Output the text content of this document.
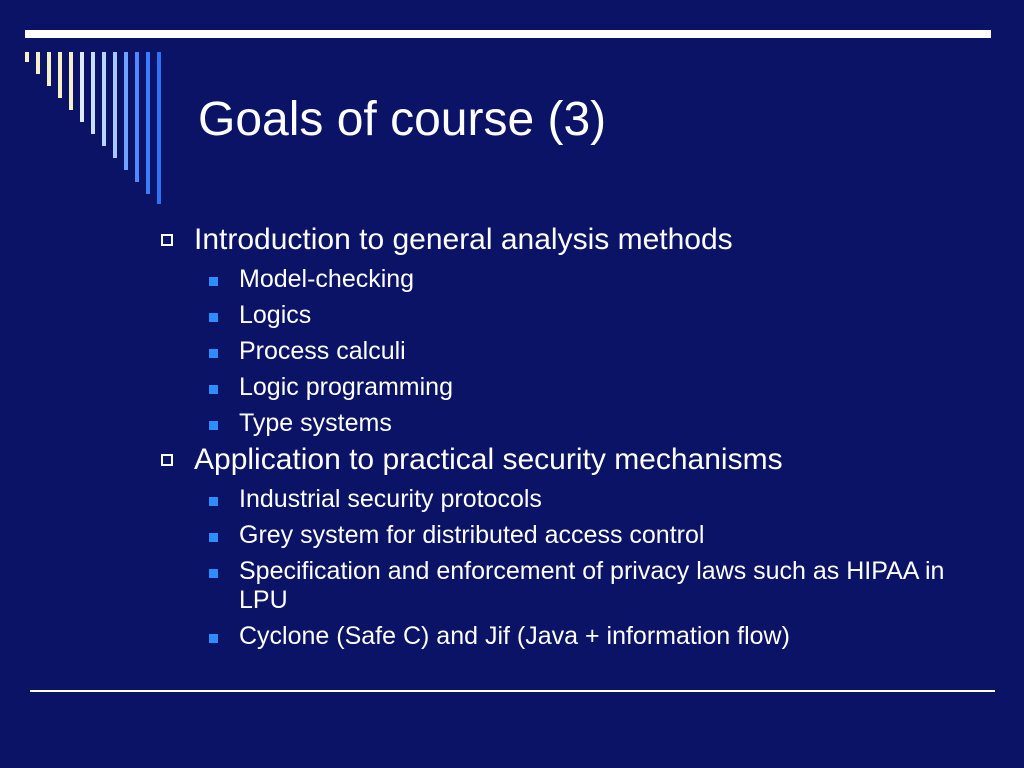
Goals of course (3)
Introduction to general analysis methods
Model-checking
Logics
Process calculi
Logic programming
Type systems
Application to practical security mechanisms
Industrial security protocols
Grey system for distributed access control
Specification and enforcement of privacy laws such as HIPAA in LPU
Cyclone (Safe C) and Jif (Java + information flow)
